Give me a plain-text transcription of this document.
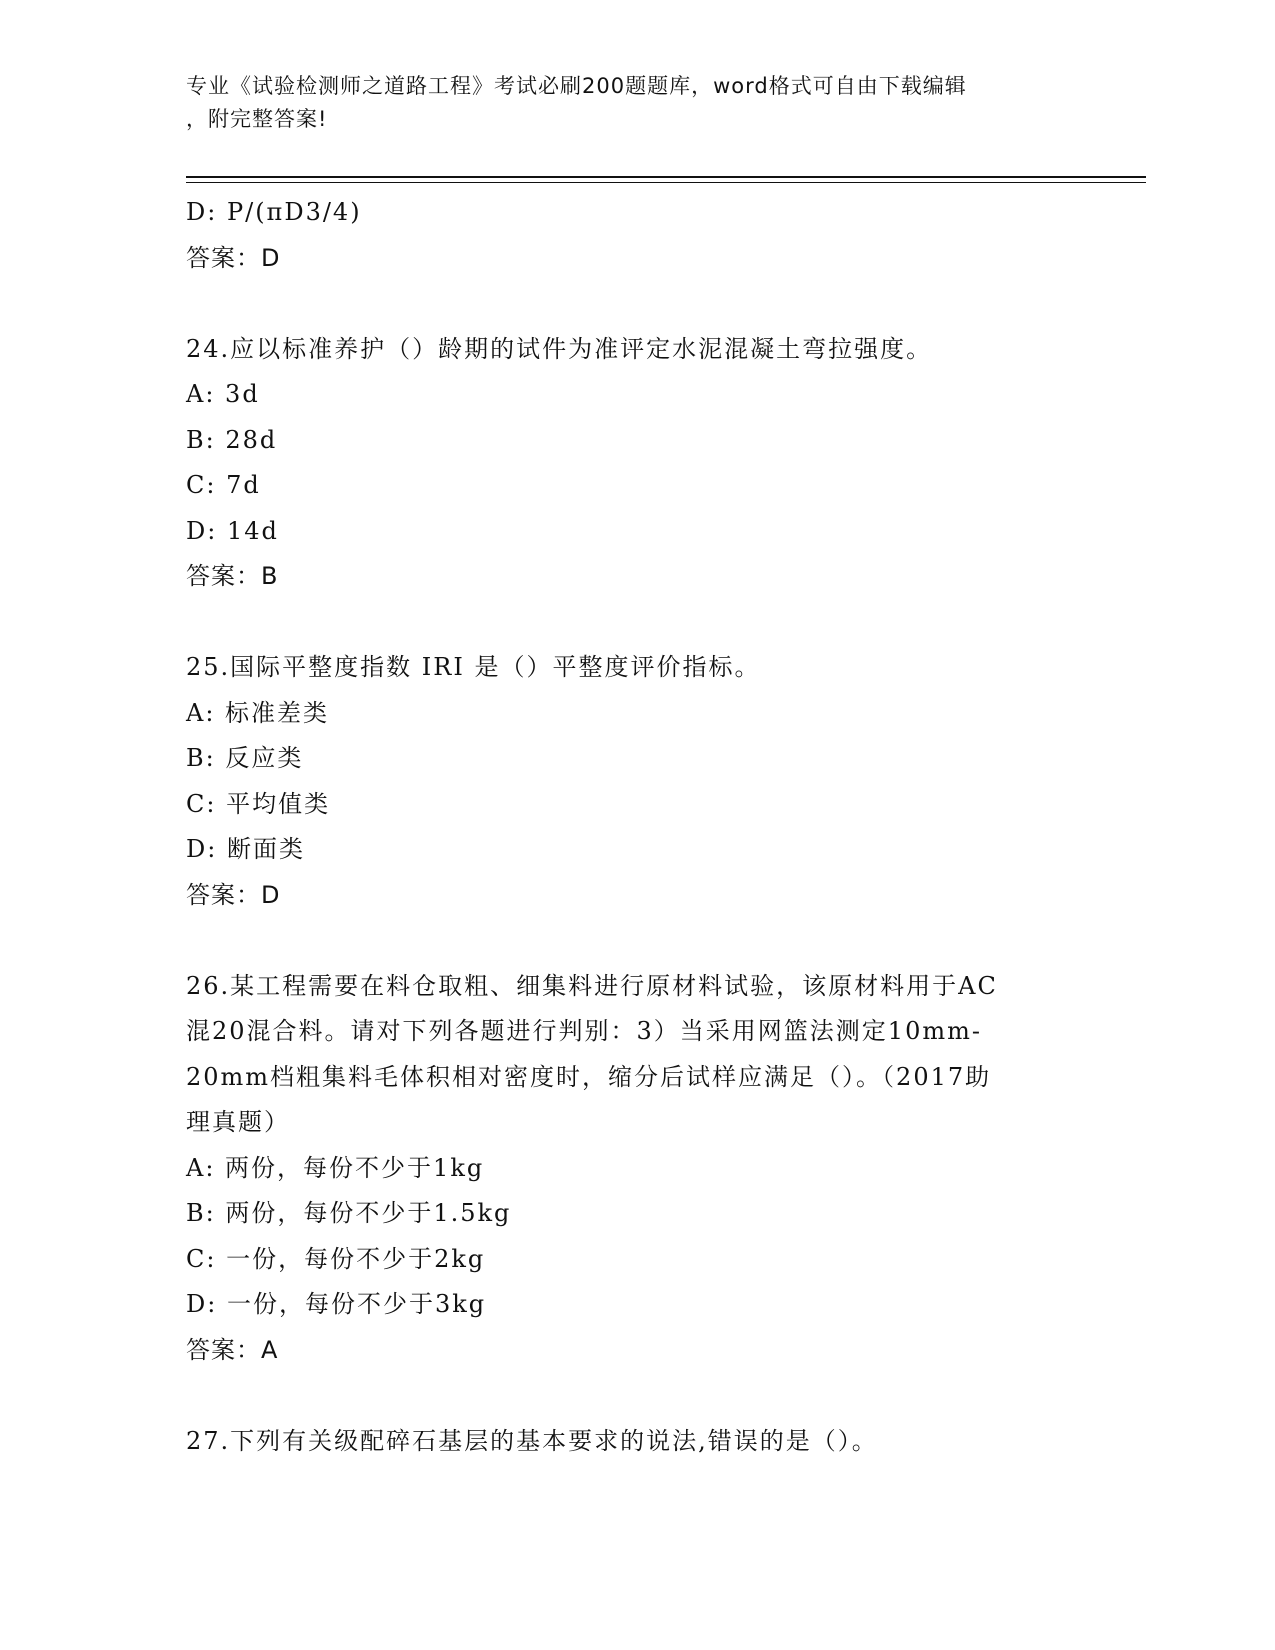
专业《试验检测师之道路工程》考试必刷200题题库，word格式可自由下载编辑
，附完整答案!
D: P/(πD3/4)
答案：D
24.应以标准养护（）龄期的试件为准评定水泥混凝土弯拉强度。
A: 3d
B: 28d
C: 7d
D: 14d
答案：B
25.国际平整度指数 IRI 是（）平整度评价指标。
A: 标准差类
B: 反应类
C: 平均值类
D: 断面类
答案：D
26.某工程需要在料仓取粗、细集料进行原材料试验，该原材料用于AC
混20混合料。请对下列各题进行判别：3）当采用网篮法测定10mm-
20mm档粗集料毛体积相对密度时，缩分后试样应满足（）。（2017助
理真题）
A: 两份，每份不少于1kg
B: 两份，每份不少于1.5kg
C: 一份，每份不少于2kg
D: 一份，每份不少于3kg
答案：A
27.下列有关级配碎石基层的基本要求的说法,错误的是（）。
